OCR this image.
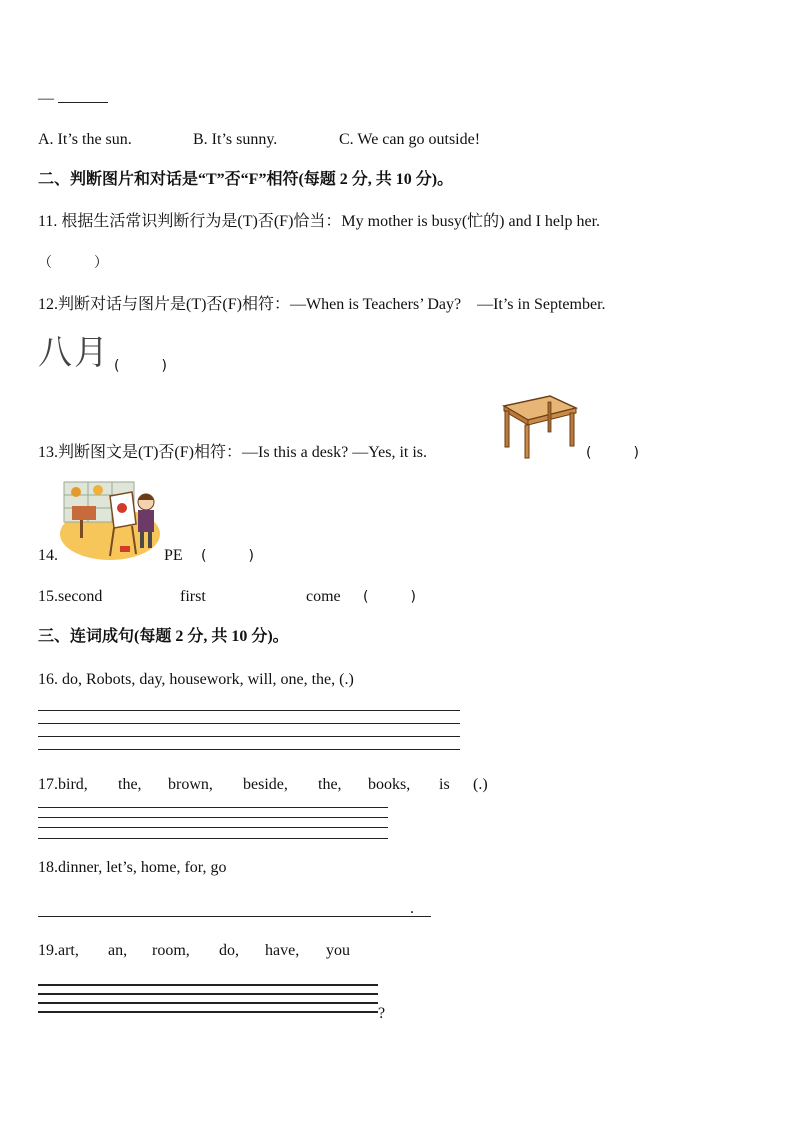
—
A. It’s the sun.	B. It’s sunny.	C. We can go outside!
二、判断图片和对话是“T”否“F”相符(每题 2 分, 共 10 分)。
11. 根据生活常识判断行为是(T)否(F)恰当：My mother is busy(忙的) and I help her.
（　　　）
12.判断对话与图片是(T)否(F)相符：—When is Teachers’ Day?　—It’s in September.
八月 (　　　)
13.判断图文是(T)否(F)相符：—Is this a desk? —Yes, it is.	(　　　)
14.	PE (　　　)
15.second	first	come (　　　)
三、连词成句(每题 2 分, 共 10 分)。
16. do, Robots, day, housework, will, one, the, (.)
17.bird, the, brown, beside, the, books, is (.)
18.dinner, let’s, home, for, go
.
19.art, an, room, do, have, you
?
